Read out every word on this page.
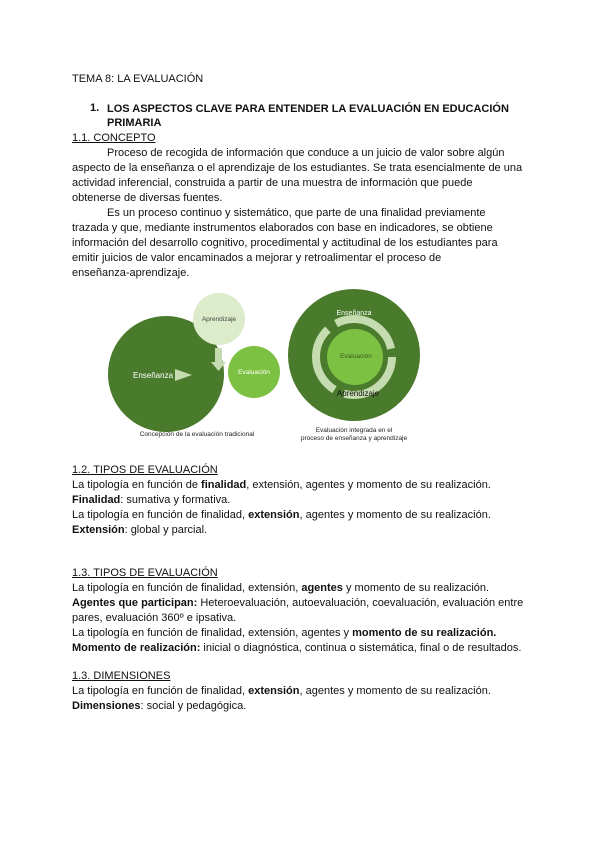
TEMA 8: LA EVALUACIÓN
1. LOS ASPECTOS CLAVE PARA ENTENDER LA EVALUACIÓN EN EDUCACIÓN
PRIMARIA
1.1. CONCEPTO
Proceso de recogida de información que conduce a un juicio de valor sobre algún
aspecto de la enseñanza o el aprendizaje de los estudiantes. Se trata esencialmente de una
actividad inferencial, construida a partir de una muestra de información que puede
obtenerse de diversas fuentes.
Es un proceso continuo y sistemático, que parte de una finalidad previamente
trazada y que, mediante instrumentos elaborados con base en indicadores, se obtiene
información del desarrollo cognitivo, procedimental y actitudinal de los estudiantes para
emitir juicios de valor encaminados a mejorar y retroalimentar el proceso de
enseñanza-aprendizaje.
Enseñanza
Aprendizaje
Evaluación
Concepción de la evaluación tradicional
Enseñanza
Evaluación
Aprendizaje
Evaluación integrada en el
proceso de enseñanza y aprendizaje
1.2. TIPOS DE EVALUACIÓN
La tipología en función de finalidad, extensión, agentes y momento de su realización.
Finalidad: sumativa y formativa.
La tipología en función de finalidad, extensión, agentes y momento de su realización.
Extensión: global y parcial.
1.3. TIPOS DE EVALUACIÓN
La tipología en función de finalidad, extensión, agentes y momento de su realización.
Agentes que participan: Heteroevaluación, autoevaluación, coevaluación, evaluación entre
pares, evaluación 360º e ipsativa.
La tipología en función de finalidad, extensión, agentes y momento de su realización.
Momento de realización: inicial o diagnóstica, continua o sistemática, final o de resultados.
1.3. DIMENSIONES
La tipología en función de finalidad, extensión, agentes y momento de su realización.
Dimensiones: social y pedagógica.
